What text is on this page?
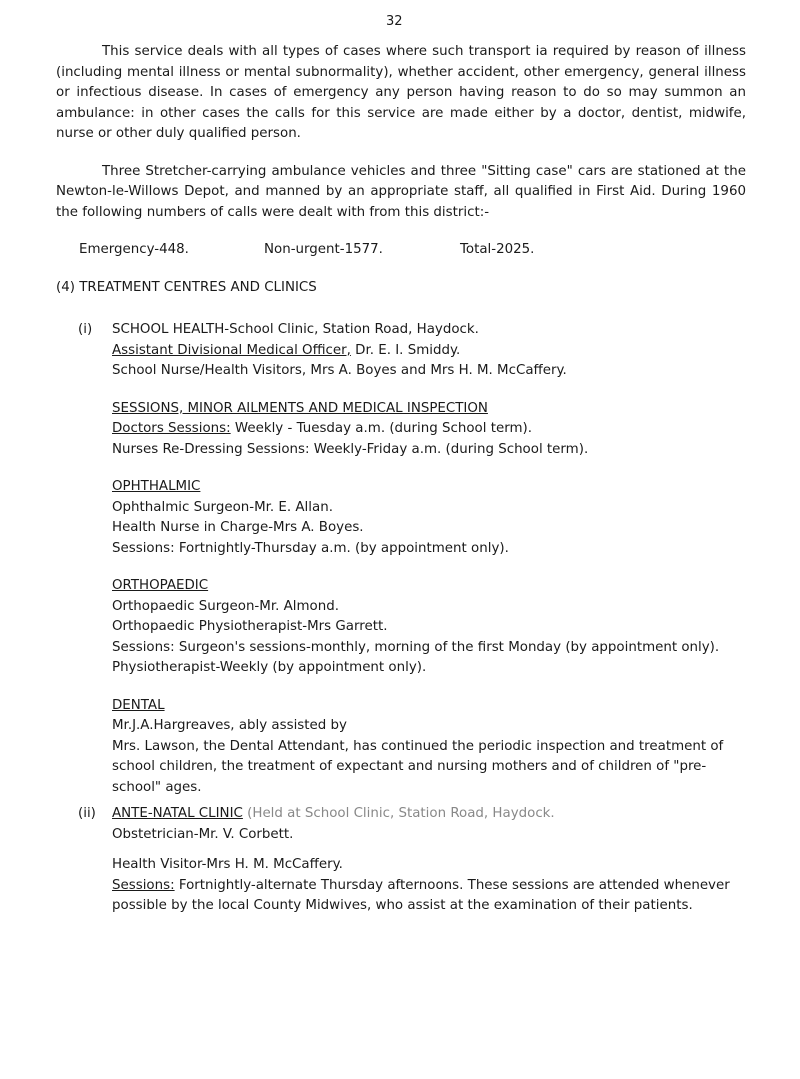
32

This service deals with all types of cases where such transport ia required by reason of illness (including mental illness or mental subnormality), whether accident, other emergency, general illness or infectious disease. In cases of emergency any person having reason to do so may summon an ambulance: in other cases the calls for this service are made either by a doctor, dentist, midwife, nurse or other duly qualified person.

Three Stretcher-carrying ambulance vehicles and three "Sitting case" cars are stationed at the Newton-le-Willows Depot, and manned by an appropriate staff, all qualified in First Aid. During 1960 the following numbers of calls were dealt with from this district:-

Emergency-448.	Non-urgent-1577.	Total-2025.

(4) TREATMENT CENTRES AND CLINICS

(i)	SCHOOL HEALTH-School Clinic, Station Road, Haydock.

Assistant Divisional Medical Officer, Dr. E. I. Smiddy.

School Nurse/Health Visitors, Mrs A. Boyes and Mrs H. M. McCaffery.

SESSIONS, MINOR AILMENTS AND MEDICAL INSPECTION

Doctors Sessions: Weekly - Tuesday a.m. (during School term).

Nurses Re-Dressing Sessions: Weekly-Friday a.m. (during School term).

OPHTHALMIC

Ophthalmic Surgeon-Mr. E. Allan.

Health Nurse in Charge-Mrs A. Boyes.

Sessions: Fortnightly-Thursday a.m. (by appointment only).

ORTHOPAEDIC

Orthopaedic Surgeon-Mr. Almond.

Orthopaedic Physiotherapist-Mrs Garrett.

Sessions: Surgeon's sessions-monthly, morning of the first Monday (by appointment only).

Physiotherapist-Weekly (by appointment only).

DENTAL

Mr.J.A.Hargreaves, ably assisted by

Mrs. Lawson, the Dental Attendant, has continued the periodic inspection and treatment of school children, the treatment of expectant and nursing mothers and of children of "pre-school" ages.

(ii)	ANTE-NATAL CLINIC (Held at School Clinic, Station Road, Haydock.

Obstetrician-Mr. V. Corbett.

Health Visitor-Mrs H. M. McCaffery.

Sessions: Fortnightly-alternate Thursday afternoons. These sessions are attended whenever possible by the local County Midwives, who assist at the examination of their patients.
